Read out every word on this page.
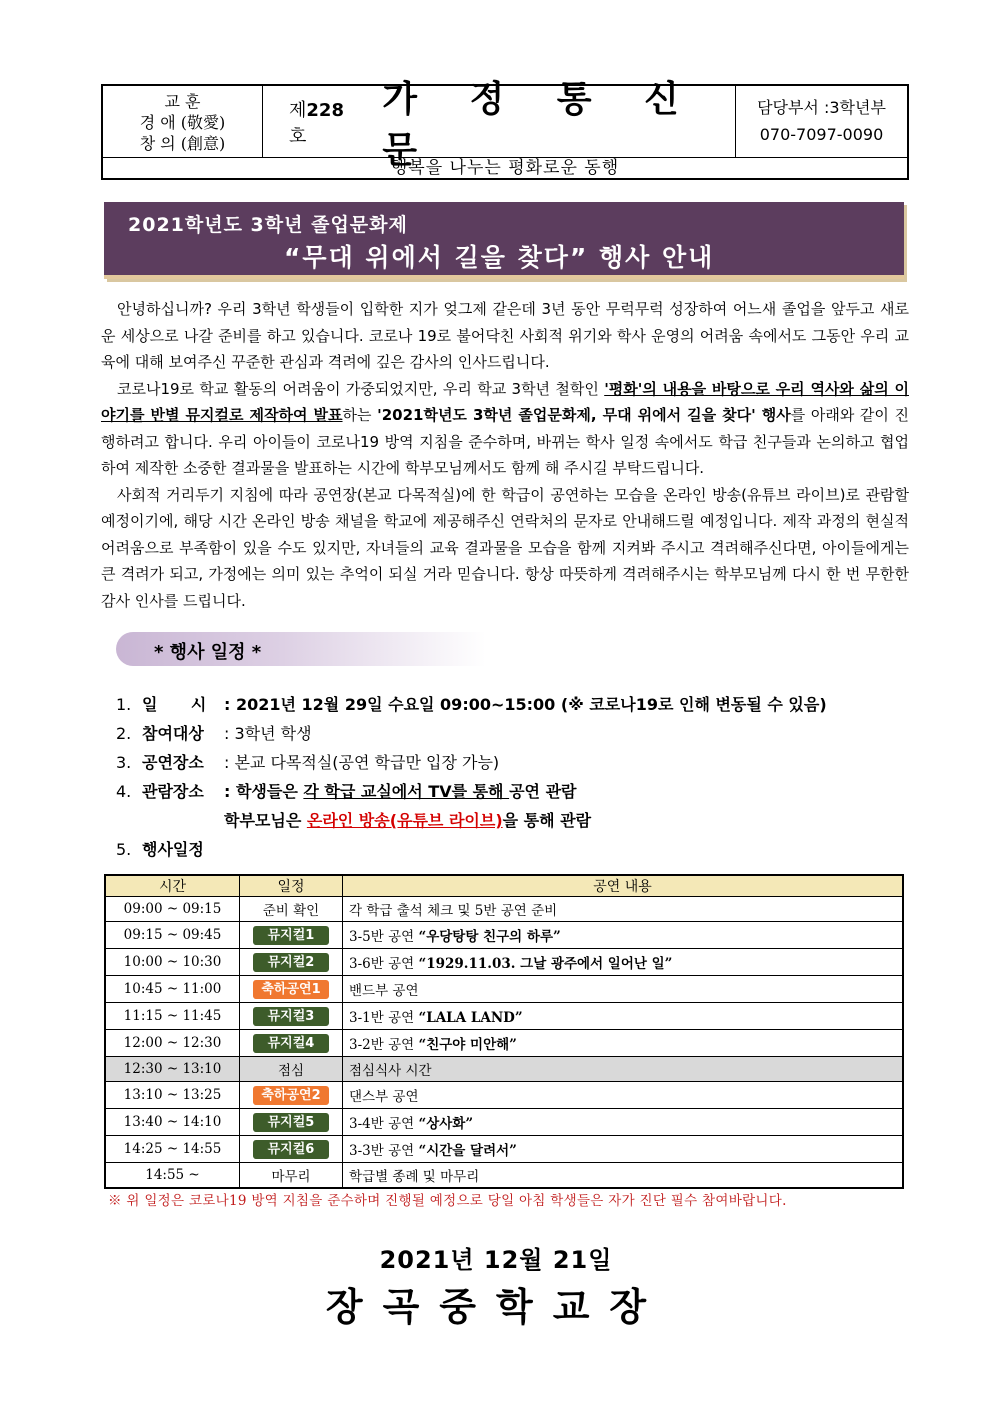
교 훈
경 애 (敬愛)
창 의 (創意)
제228호
가 정 통 신 문
담당부서 :3학년부
070-7097-0090
행복을 나누는 평화로운 동행
2021학년도 3학년 졸업문화제
“무대 위에서 길을 찾다” 행사 안내

안녕하십니까? 우리 3학년 학생들이 입학한 지가 엊그제 같은데 3년 동안 무럭무럭 성장하여 어느새 졸업을 앞두고 새로운 세상으로 나갈 준비를 하고 있습니다. 코로나 19로 불어닥친 사회적 위기와 학사 운영의 어려움 속에서도 그동안 우리 교육에 대해 보여주신 꾸준한 관심과 격려에 깊은 감사의 인사드립니다.

코로나19로 학교 활동의 어려움이 가중되었지만, 우리 학교 3학년 철학인 '평화'의 내용을 바탕으로 우리 역사와 삶의 이야기를 반별 뮤지컬로 제작하여 발표하는 '2021학년도 3학년 졸업문화제, 무대 위에서 길을 찾다' 행사를 아래와 같이 진행하려고 합니다. 우리 아이들이 코로나19 방역 지침을 준수하며, 바뀌는 학사 일정 속에서도 학급 친구들과 논의하고 협업하여 제작한 소중한 결과물을 발표하는 시간에 학부모님께서도 함께 해 주시길 부탁드립니다.

사회적 거리두기 지침에 따라 공연장(본교 다목적실)에 한 학급이 공연하는 모습을 온라인 방송(유튜브 라이브)로 관람할 예정이기에, 해당 시간 온라인 방송 채널을 학교에 제공해주신 연락처의 문자로 안내해드릴 예정입니다. 제작 과정의 현실적 어려움으로 부족함이 있을 수도 있지만, 자녀들의 교육 결과물을 모습을 함께 지켜봐 주시고 격려해주신다면, 아이들에게는 큰 격려가 되고, 가정에는 의미 있는 추억이 되실 거라 믿습니다. 항상 따뜻하게 격려해주시는 학부모님께 다시 한 번 무한한 감사 인사를 드립니다.

* 행사 일정 *
1. 일      시 : 2021년 12월 29일 수요일 09:00~15:00 (※ 코로나19로 인해 변동될 수 있음)
2. 참여대상 : 3학년 학생
3. 공연장소 : 본교 다목적실(공연 학급만 입장 가능)
4. 관람장소 : 학생들은 각 학급 교실에서 TV를 통해 공연 관람
학부모님은 온라인 방송(유튜브 라이브)을 통해 관람
5. 행사일정
시간	일정	공연 내용
09:00 ~ 09:15	준비 확인	각 학급 출석 체크 및 5반 공연 준비
09:15 ~ 09:45	뮤지컬1	3-5반 공연 “우당탕탕 친구의 하루”
10:00 ~ 10:30	뮤지컬2	3-6반 공연 “1929.11.03. 그날 광주에서 일어난 일”
10:45 ~ 11:00	축하공연1	밴드부 공연
11:15 ~ 11:45	뮤지컬3	3-1반 공연 “LALA LAND”
12:00 ~ 12:30	뮤지컬4	3-2반 공연 “친구야 미안해”
12:30 ~ 13:10	점심	점심식사 시간
13:10 ~ 13:25	축하공연2	댄스부 공연
13:40 ~ 14:10	뮤지컬5	3-4반 공연 “상사화”
14:25 ~ 14:55	뮤지컬6	3-3반 공연 “시간을 달려서”
14:55 ~	마무리	학급별 종례 및 마무리
※ 위 일정은 코로나19 방역 지침을 준수하며 진행될 예정으로 당일 아침 학생들은 자가 진단 필수 참여바랍니다.
2021년 12월 21일
장곡중학교장
